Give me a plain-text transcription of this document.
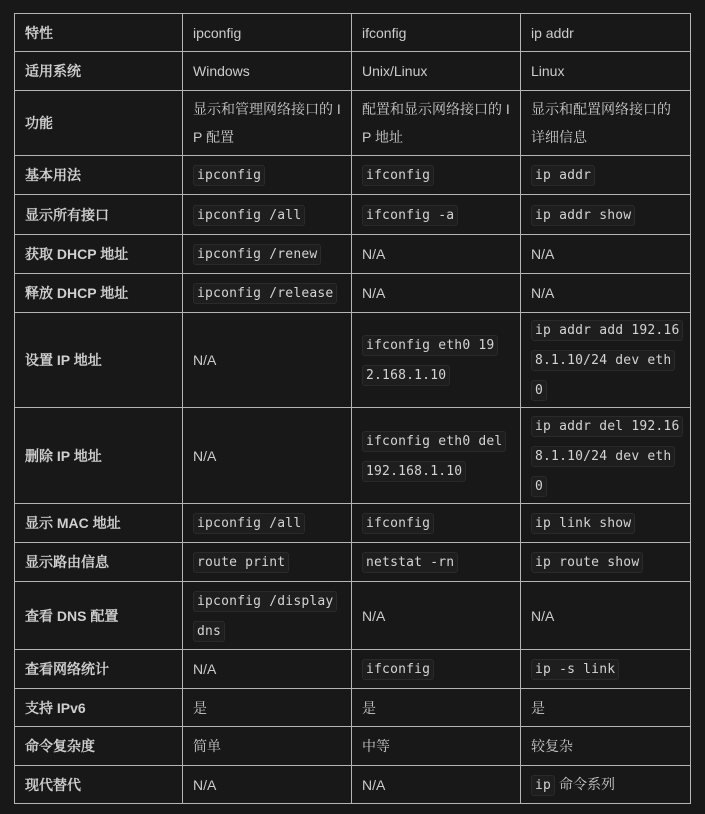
特性	ipconfig	ifconfig	ip addr
适用系统	Windows	Unix/Linux	Linux
功能	显示和管理网络接口的 IP 配置	配置和显示网络接口的 IP 地址	显示和配置网络接口的详细信息
基本用法	ipconfig	ifconfig	ip addr
显示所有接口	ipconfig /all	ifconfig -a	ip addr show
获取 DHCP 地址	ipconfig /renew	N/A	N/A
释放 DHCP 地址	ipconfig /release	N/A	N/A
设置 IP 地址	N/A	ifconfig eth0 192.168.1.10	ip addr add 192.168.1.10/24 dev eth0
删除 IP 地址	N/A	ifconfig eth0 del 192.168.1.10	ip addr del 192.168.1.10/24 dev eth0
显示 MAC 地址	ipconfig /all	ifconfig	ip link show
显示路由信息	route print	netstat -rn	ip route show
查看 DNS 配置	ipconfig /displaydns	N/A	N/A
查看网络统计	N/A	ifconfig	ip -s link
支持 IPv6	是	是	是
命令复杂度	简单	中等	较复杂
现代替代	N/A	N/A	ip 命令系列
